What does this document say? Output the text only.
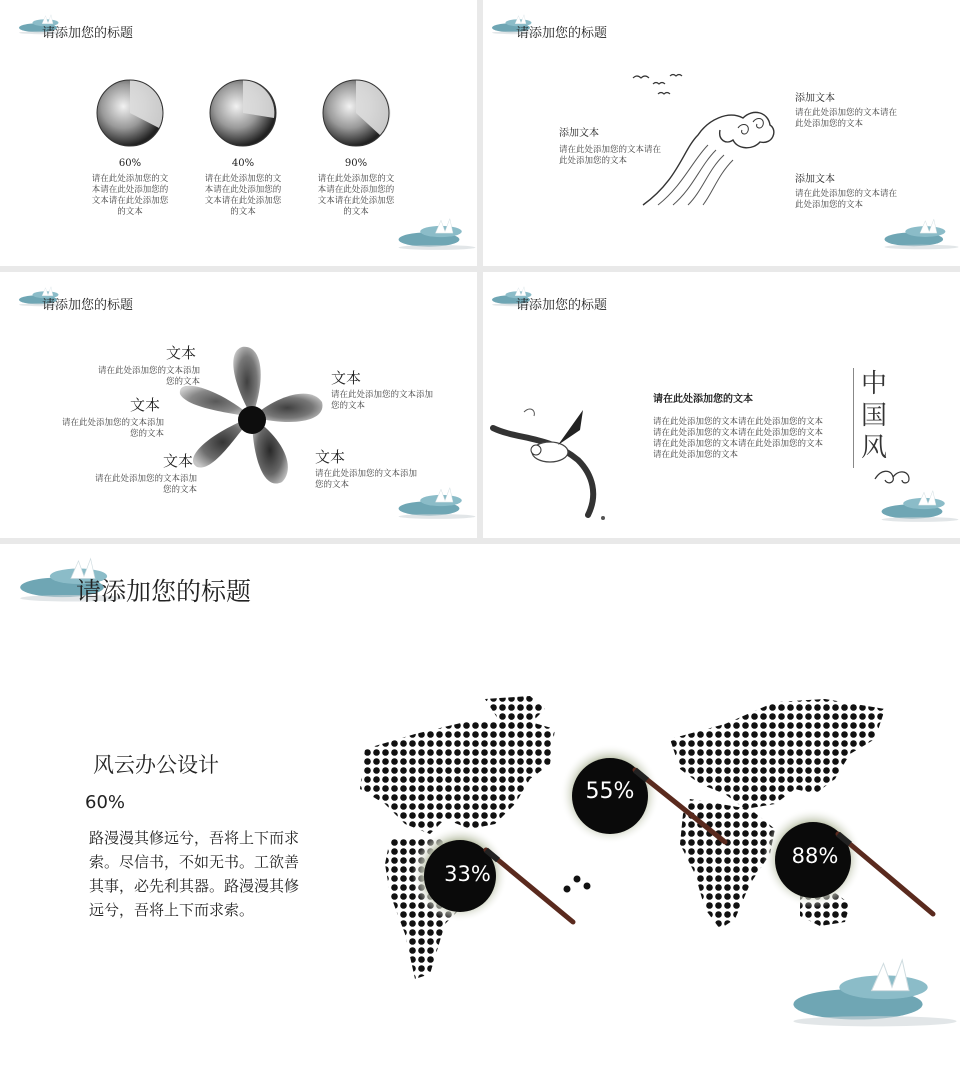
请添加您的标题
60%
请在此处添加您的文本请在此处添加您的文本请在此处添加您的文本
40%
请在此处添加您的文本请在此处添加您的文本请在此处添加您的文本
90%
请在此处添加您的文本请在此处添加您的文本请在此处添加您的文本
请添加您的标题
添加文本
请在此处添加您的文本请在此处添加您的文本
添加文本
请在此处添加您的文本请在此处添加您的文本
添加文本
请在此处添加您的文本请在此处添加您的文本
请添加您的标题
文本
请在此处添加您的文本添加您的文本
文本
请在此处添加您的文本添加您的文本
文本
请在此处添加您的文本添加您的文本
文本
请在此处添加您的文本添加您的文本
文本
请在此处添加您的文本添加您的文本
请添加您的标题
请在此处添加您的文本
请在此处添加您的文本请在此处添加您的文本请在此处添加您的文本请在此处添加您的文本请在此处添加您的文本请在此处添加您的文本请在此处添加您的文本
中
国
风
请添加您的标题
风云办公设计
60%
路漫漫其修远兮，吾将上下而求索。尽信书，不如无书。工欲善其事，必先利其器。路漫漫其修远兮，吾将上下而求索。
33%
55%
88%
